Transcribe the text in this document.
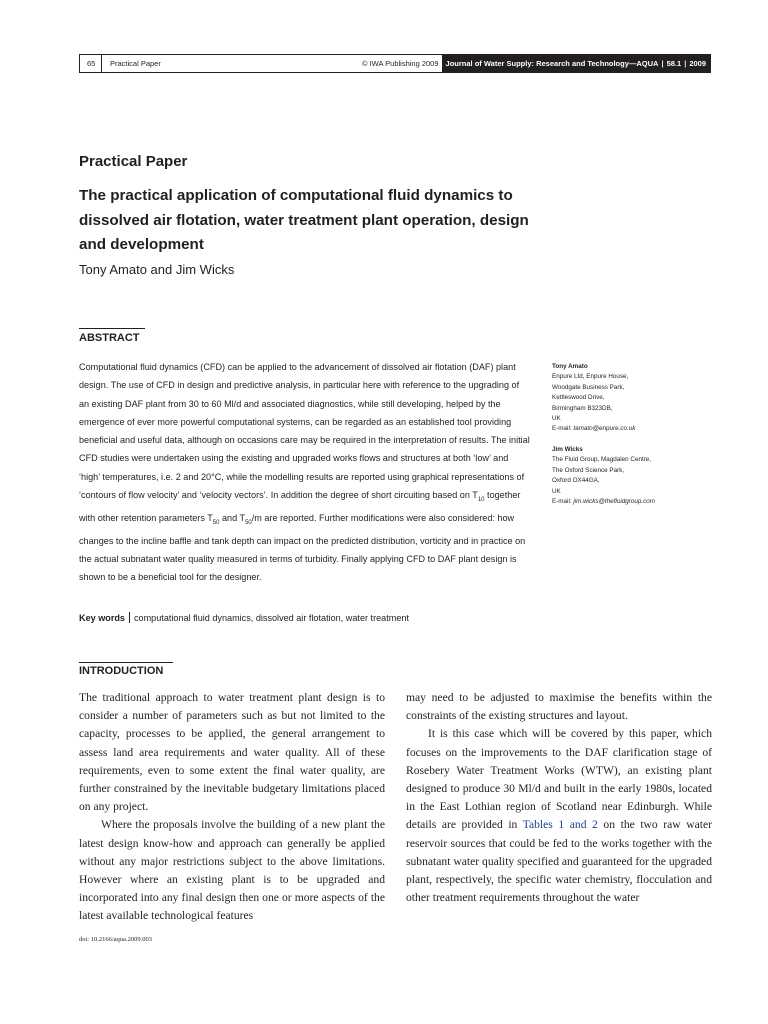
65	Practical Paper	© IWA Publishing 2009 Journal of Water Supply: Research and Technology—AQUA | 58.1 | 2009
Practical Paper
The practical application of computational fluid dynamics to dissolved air flotation, water treatment plant operation, design and development
Tony Amato and Jim Wicks
ABSTRACT

Computational fluid dynamics (CFD) can be applied to the advancement of dissolved air flotation (DAF) plant design. The use of CFD in design and predictive analysis, in particular here with reference to the upgrading of an existing DAF plant from 30 to 60 Ml/d and associated diagnostics, while still developing, helped by the emergence of ever more powerful computational systems, can be regarded as an established tool providing beneficial and useful data, although on occasions care may be required in the interpretation of results. The initial CFD studies were undertaken using the existing and upgraded works flows and structures at both ‘low’ and ‘high’ temperatures, i.e. 2 and 20°C, while the modelling results are reported using graphical representations of ‘contours of flow velocity’ and ‘velocity vectors’. In addition the degree of short circuiting based on $T_{10}$ together with other retention parameters $T_{50}$ and $T_{50}/m$ are reported. Further modifications were also considered: how changes to the incline baffle and tank depth can impact on the predicted distribution, vorticity and in practice on the actual subnatant water quality measured in terms of turbidity. Finally applying CFD to DAF plant design is shown to be a beneficial tool for the designer.

Key words computational fluid dynamics, dissolved air flotation, water treatment
Tony Amato
Enpure Ltd, Enpure House,
Woodgate Business Park,
Kettleswood Drive,
Birmingham B323DB,
UK
E-mail: tamato@enpure.co.uk
Jim Wicks
The Fluid Group, Magdalen Centre,
The Oxford Science Park,
Oxford OX44GA,
UK
E-mail: jim.wicks@thefluidgroup.com
INTRODUCTION

The traditional approach to water treatment plant design is to consider a number of parameters such as but not limited to the capacity, processes to be applied, the general arrangement to assess land area requirements and water quality. All of these requirements, even to some extent the final water quality, are further constrained by the inevitable budgetary limitations placed on any project.

Where the proposals involve the building of a new plant the latest design know-how and approach can generally be applied without any major restrictions subject to the above limitations. However where an existing plant is to be upgraded and incorporated into any final design then one or more aspects of the latest available technological features

may need to be adjusted to maximise the benefits within the constraints of the existing structures and layout.

It is this case which will be covered by this paper, which focuses on the improvements to the DAF clarification stage of Rosebery Water Treatment Works (WTW), an existing plant designed to produce 30 Ml/d and built in the early 1980s, located in the East Lothian region of Scotland near Edinburgh. While details are provided in Tables 1 and 2 on the two raw water reservoir sources that could be fed to the works together with the subnatant water quality specified and guaranteed for the upgraded plant, respectively, the specific water chemistry, flocculation and other treatment requirements throughout the water

doi: 10.2166/aqua.2009.003
